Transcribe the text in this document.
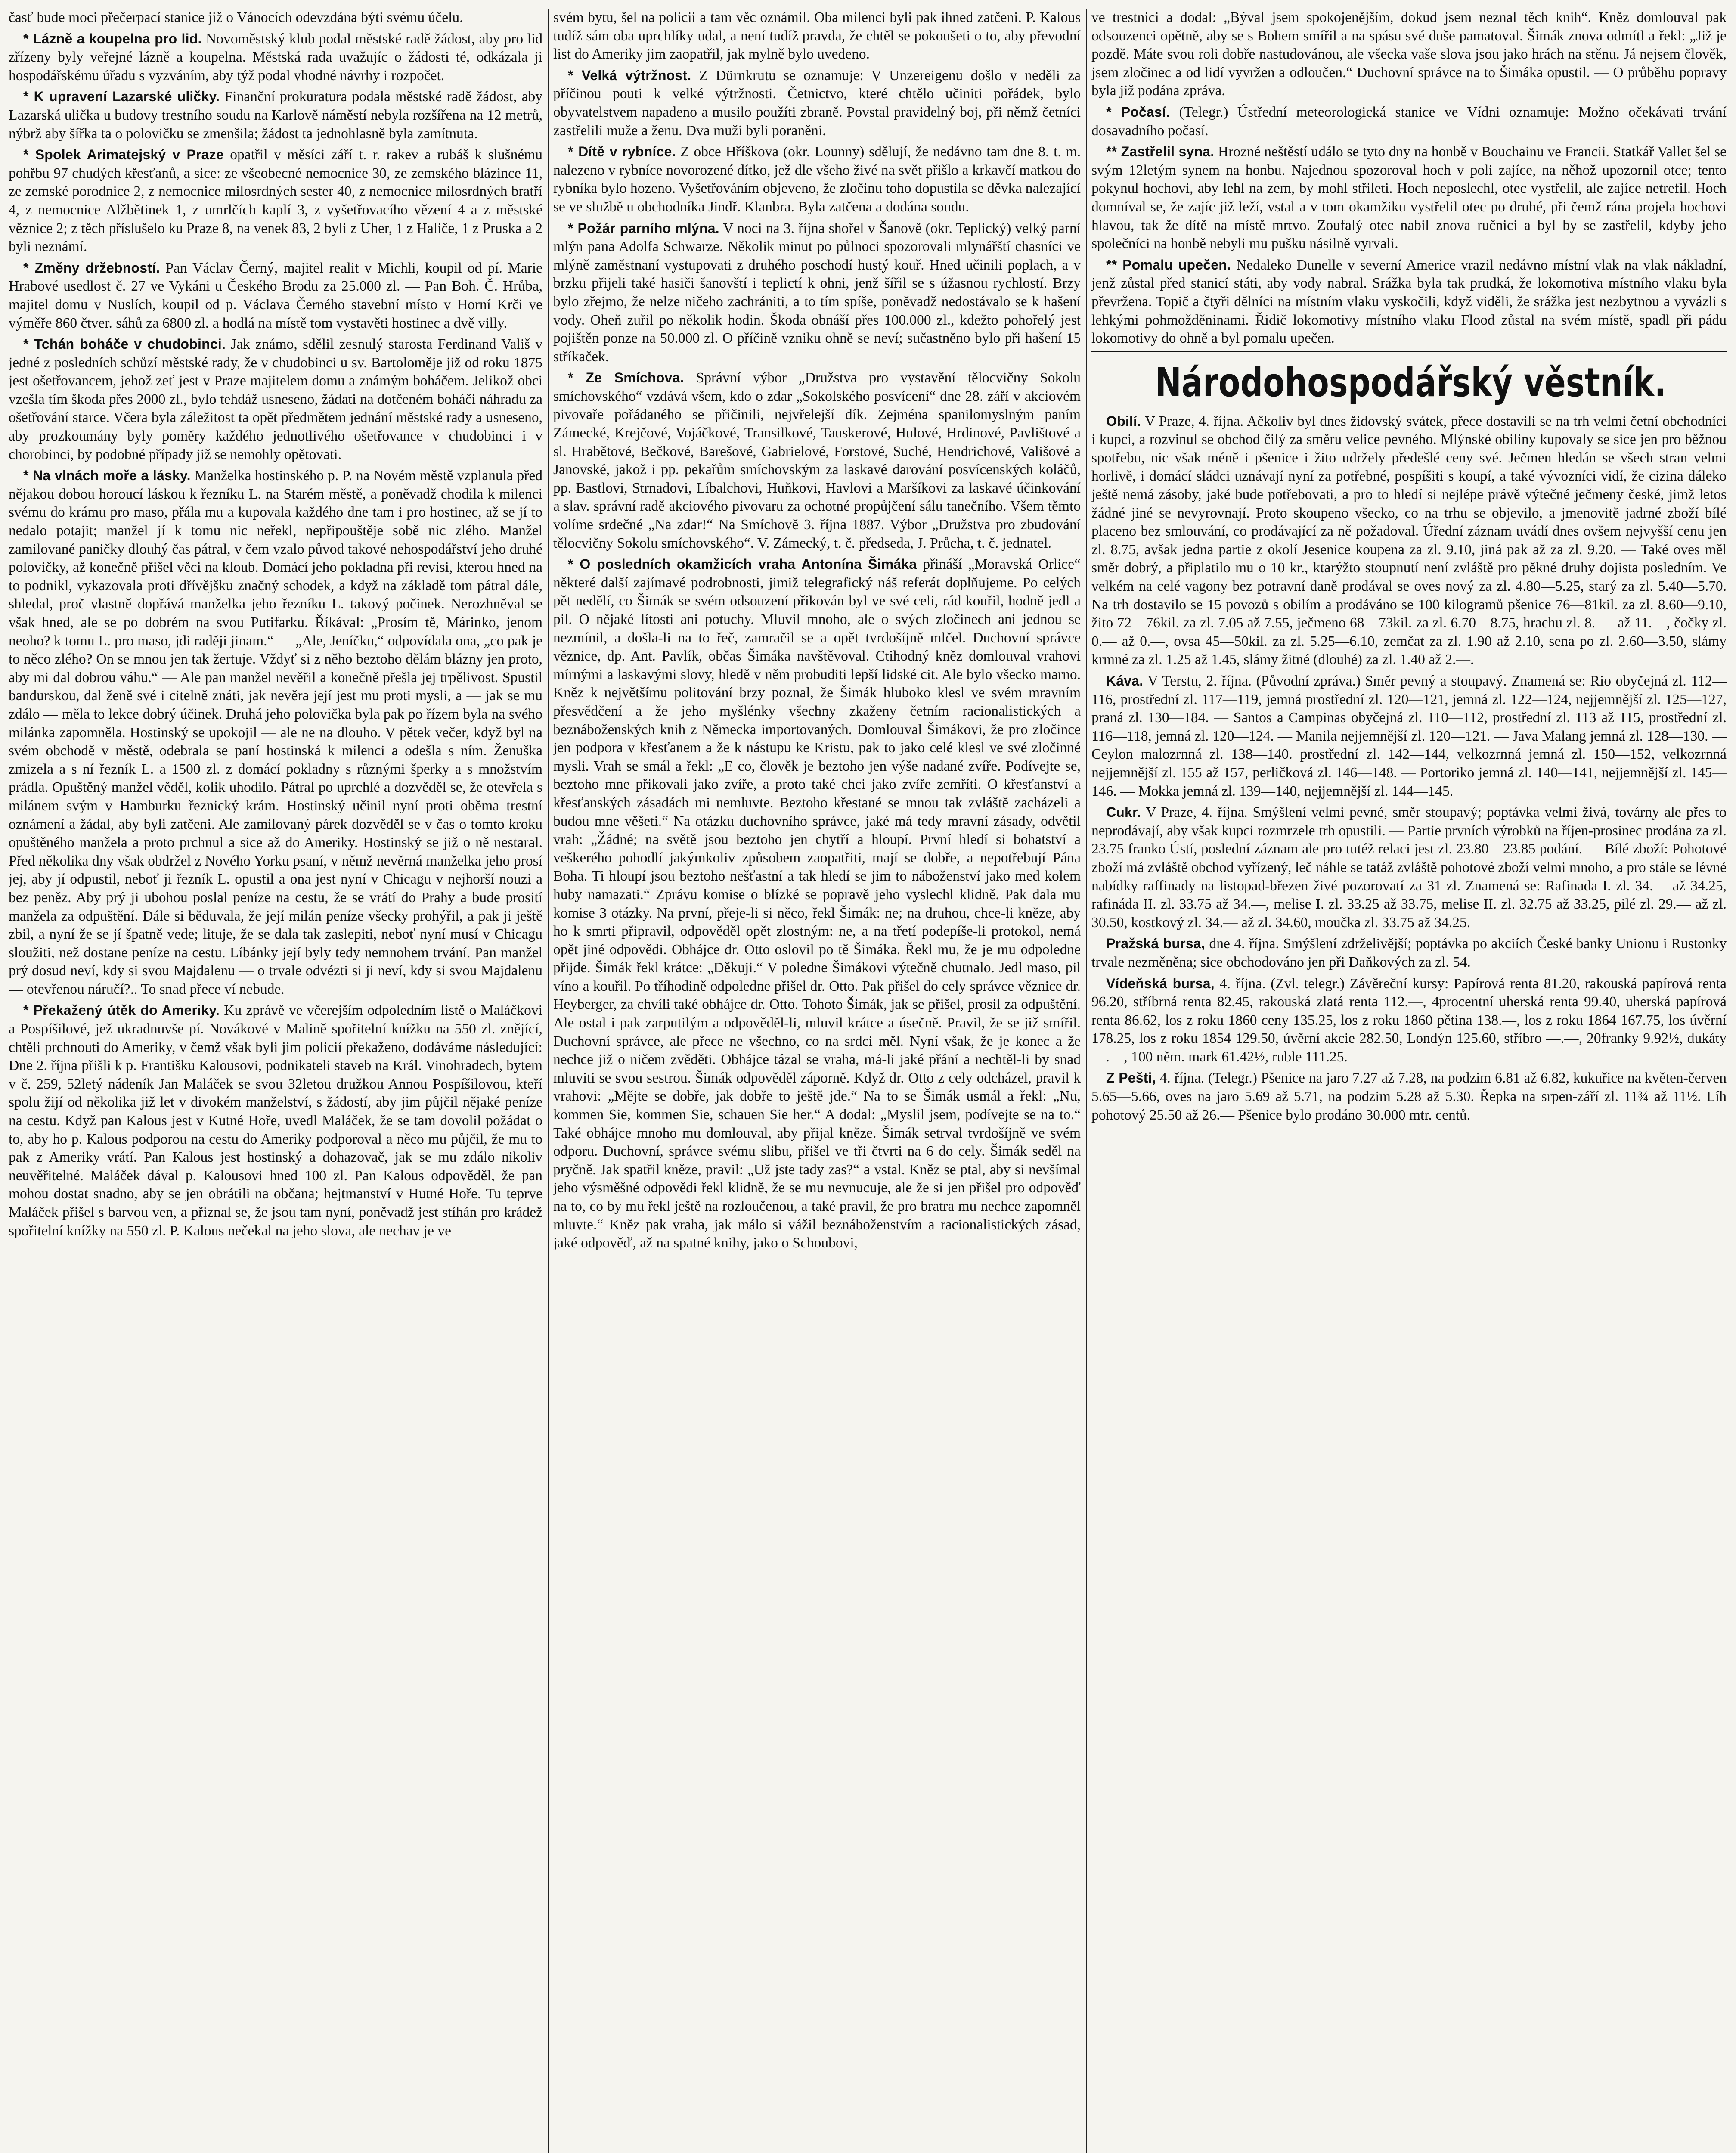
časť bude moci přečerpací stanice již o Vánocích odevzdána býti svému účelu.

* Lázně a koupelna pro lid. Novoměstský klub podal městské radě žádost, aby pro lid zřízeny byly veřejné lázně a koupelna. Městská rada uvažujíc o žádosti té, odkázala ji hospodářskému úřadu s vyzváním, aby týž podal vhodné návrhy i rozpočet.

* K upravení Lazarské uličky. Finanční prokuratura podala městské radě žádost, aby Lazarská ulička u budovy trestního soudu na Karlově náměstí nebyla rozšířena na 12 metrů, nýbrž aby šířka ta o polovičku se zmenšila; žádost ta jednohlasně byla zamítnuta.

* Spolek Arimatejský v Praze opatřil v měsíci září t. r. rakev a rubáš k slušnému pohřbu 97 chudých křesťanů, a sice: ze všeobecné nemocnice 30, ze zemského blázince 11, ze zemské porodnice 2, z nemocnice milosrdných sester 40, z nemocnice milosrdných bratří 4, z nemocnice Alžbětinek 1, z umrlčích kaplí 3, z vyšetřovacího vězení 4 a z městské věznice 2; z těch příslušelo ku Praze 8, na venek 83, 2 byli z Uher, 1 z Haliče, 1 z Pruska a 2 byli neznámí.

* Změny držebností. Pan Václav Černý, majitel realit v Michli, koupil od pí. Marie Hrabové usedlost č. 27 ve Vykáni u Českého Brodu za 25.000 zl. — Pan Boh. Č. Hrůba, majitel domu v Nuslích, koupil od p. Václava Černého stavební místo v Horní Krči ve výměře 860 čtver. sáhů za 6800 zl. a hodlá na místě tom vystavěti hostinec a dvě villy.

* Tchán boháče v chudobinci. Jak známo, sdělil zesnulý starosta Ferdinand Vališ v jedné z posledních schůzí městské rady, že v chudobinci u sv. Bartoloměje již od roku 1875 jest ošetřovancem, jehož zeť jest v Praze majitelem domu a známým boháčem. Jelikož obci vzešla tím škoda přes 2000 zl., bylo tehdáž usneseno, žádati na dotčeném boháči náhradu za ošetřování starce. Včera byla záležitost ta opět předmětem jednání městské rady a usneseno, aby prozkoumány byly poměry každého jednotlivého ošetřovance v chudobinci i v chorobinci, by podobné případy již se nemohly opětovati.

* Na vlnách moře a lásky. Manželka hostinského p. P. na Novém městě vzplanula před nějakou dobou horoucí láskou k řezníku L. na Starém městě, a poněvadž chodila k milenci svému do krámu pro maso, přála mu a kupovala každého dne tam i pro hostinec, až se jí to nedalo potajit; manžel jí k tomu nic neřekl, nepřipouštěje sobě nic zlého. Manžel zamilované paničky dlouhý čas pátral, v čem vzalo původ takové nehospodářství jeho druhé polovičky, až konečně přišel věci na kloub. Domácí jeho pokladna při revisi, kterou hned na to podnikl, vykazovala proti dřívějšku značný schodek, a když na základě tom pátral dále, shledal, proč vlastně dopřává manželka jeho řezníku L. takový počinek. Nerozhněval se však hned, ale se po dobrém na svou Putifarku. Říkával: „Prosím tě, Márinko, jenom neoho? k tomu L. pro maso, jdi raději jinam.“ — „Ale, Jeníčku,“ odpovídala ona, „co pak je to něco zlého? On se mnou jen tak žertuje. Vždyť si z něho beztoho dělám blázny jen proto, aby mi dal dobrou váhu.“ — Ale pan manžel nevěřil a konečně přešla jej trpělivost. Spustil bandurskou, dal ženě své i citelně znáti, jak nevěra její jest mu proti mysli, a — jak se mu zdálo — měla to lekce dobrý účinek. Druhá jeho polovička byla pak po řízem byla na svého milánka zapomněla. Hostinský se upokojil — ale ne na dlouho. V pětek večer, když byl na svém obchodě v městě, odebrala se paní hostinská k milenci a odešla s ním. Ženuška zmizela a s ní řezník L. a 1500 zl. z domácí pokladny s různými šperky a s množstvím prádla. Opuštěný manžel věděl, kolik uhodilo. Pátral po uprchlé a dozvěděl se, že otevřela s milánem svým v Hamburku řeznický krám. Hostinský učinil nyní proti oběma trestní oznámení a žádal, aby byli zatčeni. Ale zamilovaný párek dozvěděl se v čas o tomto kroku opuštěného manžela a proto prchnul a sice až do Ameriky. Hostinský se již o ně nestaral. Před několika dny však obdržel z Nového Yorku psaní, v němž nevěrná manželka jeho prosí jej, aby jí odpustil, neboť ji řezník L. opustil a ona jest nyní v Chicagu v nejhorší nouzi a bez peněz. Aby prý ji ubohou poslal peníze na cestu, že se vrátí do Prahy a bude prosití manžela za odpuštění. Dále si běduvala, že její milán peníze všecky prohýřil, a pak ji ještě zbil, a nyní že se jí špatně vede; lituje, že se dala tak zaslepiti, neboť nyní musí v Chicagu sloužiti, než dostane peníze na cestu. Líbánky její byly tedy nemnohem trvání. Pan manžel prý dosud neví, kdy si svou Majdalenu — o trvale odvézti si ji neví, kdy si svou Majdalenu — otevřenou náručí?.. To snad přece ví nebude.

* Překažený útěk do Ameriky. Ku zprávě ve včerejším odpoledním listě o Maláčkovi a Pospíšilové, jež ukradnuvše pí. Novákové v Malině spořitelní knížku na 550 zl. znějící, chtěli prchnouti do Ameriky, v čemž však byli jim policií překaženo, dodáváme následující: Dne 2. října přišli k p. Františku Kalousovi, podnikateli staveb na Král. Vinohradech, bytem v č. 259, 52letý nádeník Jan Maláček se svou 32letou družkou Annou Pospíšilovou, kteří spolu žijí od několika již let v divokém manželství, s žádostí, aby jim půjčil nějaké peníze na cestu. Když pan Kalous jest v Kutné Hoře, uvedl Maláček, že se tam dovolil požádat o to, aby ho p. Kalous podporou na cestu do Ameriky podporoval a něco mu půjčil, že mu to pak z Ameriky vrátí. Pan Kalous jest hostinský a dohazovač, jak se mu zdálo nikoliv neuvěřitelné. Maláček dával p. Kalousovi hned 100 zl. Pan Kalous odpověděl, že pan mohou dostat snadno, aby se jen obrátili na občana; hejtmanství v Hutné Hoře. Tu teprve Maláček přišel s barvou ven, a přiznal se, že jsou tam nyní, poněvadž jest stíhán pro krádež spořitelní knížky na 550 zl. P. Kalous nečekal na jeho slova, ale nechav je ve

svém bytu, šel na policii a tam věc oznámil. Oba milenci byli pak ihned zatčeni. P. Kalous tudíž sám oba uprchlíky udal, a není tudíž pravda, že chtěl se pokoušeti o to, aby převodní list do Ameriky jim zaopatřil, jak mylně bylo uvedeno.

* Velká výtržnost. Z Dürnkrutu se oznamuje: V Unzereigenu došlo v neděli za příčinou pouti k velké výtržnosti. Četnictvo, které chtělo učiniti pořádek, bylo obyvatelstvem napadeno a musilo použíti zbraně. Povstal pravidelný boj, při němž četníci zastřelili muže a ženu. Dva muži byli poraněni.

* Dítě v rybníce. Z obce Hříškova (okr. Lounny) sdělují, že nedávno tam dne 8. t. m. nalezeno v rybníce novorozené dítko, jež dle všeho živé na svět přišlo a krkavčí matkou do rybníka bylo hozeno. Vyšetřováním objeveno, že zločinu toho dopustila se děvka nalezající se ve službě u obchodníka Jindř. Klanbra. Byla zatčena a dodána soudu.

* Požár parního mlýna. V noci na 3. října shořel v Šanově (okr. Teplický) velký parní mlýn pana Adolfa Schwarze. Několik minut po půlnoci spozorovali mlynářští chasníci ve mlýně zaměstnaní vystupovati z druhého poschodí hustý kouř. Hned učinili poplach, a v brzku přijeli také hasiči šanovští i teplictí k ohni, jenž šířil se s úžasnou rychlostí. Brzy bylo zřejmo, že nelze ničeho zachrániti, a to tím spíše, poněvadž nedostávalo se k hašení vody. Oheň zuřil po několik hodin. Škoda obnáší přes 100.000 zl., kdežto pohořelý jest pojištěn ponze na 50.000 zl. O příčině vzniku ohně se neví; sučastněno bylo při hašení 15 stříkaček.

* Ze Smíchova. Správní výbor „Družstva pro vystavění tělocvičny Sokolu smíchovského“ vzdává všem, kdo o zdar „Sokolského posvícení“ dne 28. září v akciovém pivovaře pořádaného se přičinili, nejvřelejší dík. Zejména spanilomyslným paním Zámecké, Krejčové, Vojáčkové, Transilkové, Tauskerové, Hulové, Hrdinové, Pavlištové a sl. Hrabětové, Bečkové, Barešové, Gabrielové, Forstové, Suché, Hendrichové, Vališové a Janovské, jakož i pp. pekařům smíchovským za laskavé darování posvícenských koláčů, pp. Bastlovi, Strnadovi, Líbalchovi, Huňkovi, Havlovi a Maršíkovi za laskavé účinkování a slav. správní radě akciového pivovaru za ochotné propůjčení sálu tanečního. Všem těmto volíme srdečné „Na zdar!“ Na Smíchově 3. října 1887. Výbor „Družstva pro zbudování tělocvičny Sokolu smíchovského“. V. Zámecký, t. č. předseda, J. Průcha, t. č. jednatel.

* O posledních okamžicích vraha Antonína Šimáka přináší „Moravská Orlice“ některé další zajímavé podrobnosti, jimiž telegrafický náš referát doplňujeme. Po celých pět nedělí, co Šimák se svém odsouzení přikován byl ve své celi, rád kouřil, hodně jedl a pil. O nějaké lítosti ani potuchy. Mluvil mnoho, ale o svých zločinech ani jednou se nezmínil, a došla-li na to řeč, zamračil se a opět tvrdošíjně mlčel. Duchovní správce věznice, dp. Ant. Pavlík, občas Šimáka navštěvoval. Ctihodný kněz domlouval vrahovi mírnými a laskavými slovy, hledě v něm probuditi lepší lidské cit. Ale bylo všecko marno. Kněz k největšímu politování brzy poznal, že Šimák hluboko klesl ve svém mravním přesvědčení a že jeho myšlénky všechny zkaženy četním racionalistických a beznáboženských knih z Německa importovaných. Domlouval Šimákovi, že pro zločince jen podpora v křesťanem a že k nástupu ke Kristu, pak to jako celé klesl ve své zločinné mysli. Vrah se smál a řekl: „E co, člověk je beztoho jen výše nadané zvíře. Podívejte se, beztoho mne přikovali jako zvíře, a proto také chci jako zvíře zemříti. O křesťanství a křesťanských zásadách mi nemluvte. Beztoho křestané se mnou tak zvláště zacházeli a budou mne věšeti.“ Na otázku duchovního správce, jaké má tedy mravní zásady, odvětil vrah: „Žádné; na světě jsou beztoho jen chytří a hloupí. První hledí si bohatství a veškerého pohodlí jakýmkoliv způsobem zaopatřiti, mají se dobře, a nepotřebují Pána Boha. Ti hloupí jsou beztoho nešťastní a tak hledí se jim to náboženství jako med kolem huby namazati.“ Zprávu komise o blízké se popravě jeho vyslechl klidně. Pak dala mu komise 3 otázky. Na první, přeje-li si něco, řekl Šimák: ne; na druhou, chce-li kněze, aby ho k smrti připravil, odpověděl opět zlostným: ne, a na třetí podepíše-li protokol, nemá opět jiné odpovědi. Obhájce dr. Otto oslovil po tě Šimáka. Řekl mu, že je mu odpoledne přijde. Šimák řekl krátce: „Děkuji.“ V poledne Šimákovi výtečně chutnalo. Jedl maso, pil víno a kouřil. Po tříhodině odpoledne přišel dr. Otto. Pak přišel do cely správce věznice dr. Heyberger, za chvíli také obhájce dr. Otto. Tohoto Šimák, jak se přišel, prosil za odpuštění. Ale ostal i pak zarputilým a odpověděl-li, mluvil krátce a úsečně. Pravil, že se již smířil. Duchovní správce, ale přece ne všechno, co na srdci měl. Nyní však, že je konec a že nechce již o ničem zvěděti. Obhájce tázal se vraha, má-li jaké přání a nechtěl-li by snad mluviti se svou sestrou. Šimák odpověděl záporně. Když dr. Otto z cely odcházel, pravil k vrahovi: „Mějte se dobře, jak dobře to ještě jde.“ Na to se Šimák usmál a řekl: „Nu, kommen Sie, kommen Sie, schauen Sie her.“ A dodal: „Myslil jsem, podívejte se na to.“ Také obhájce mnoho mu domlouval, aby přijal kněze. Šimák setrval tvrdošíjně ve svém odporu. Duchovní, správce svému slibu, přišel ve tři čtvrti na 6 do cely. Šimák seděl na pryčně. Jak spatřil kněze, pravil: „Už jste tady zas?“ a vstal. Kněz se ptal, aby si nevšímal jeho výsměšné odpovědi řekl klidně, že se mu nevnucuje, ale že si jen přišel pro odpověď na to, co by mu řekl ještě na rozloučenou, a také pravil, že pro bratra mu nechce zapomněl mluvte.“ Kněz pak vraha, jak málo si vážil beznáboženstvím a racionalistických zásad, jaké odpověď, až na spatné knihy, jako o Schoubovi,

ve trestnici a dodal: „Býval jsem spokojenějším, dokud jsem neznal těch knih“. Kněz domlouval pak odsouzenci opětně, aby se s Bohem smířil a na spásu své duše pamatoval. Šimák znova odmítl a řekl: „Již je pozdě. Máte svou roli dobře nastudovánou, ale všecka vaše slova jsou jako hrách na stěnu. Já nejsem člověk, jsem zločinec a od lidí vyvržen a odloučen.“ Duchovní správce na to Šimáka opustil. — O průběhu popravy byla již podána zpráva.

* Počasí. (Telegr.) Ústřední meteorologická stanice ve Vídni oznamuje: Možno očekávati trvání dosavadního počasí.

** Zastřelil syna. Hrozné neštěstí událo se tyto dny na honbě v Bouchainu ve Francii. Statkář Vallet šel se svým 12letým synem na honbu. Najednou spozoroval hoch v poli zajíce, na něhož upozornil otce; tento pokynul hochovi, aby lehl na zem, by mohl střileti. Hoch neposlechl, otec vystřelil, ale zajíce netrefil. Hoch domníval se, že zajíc již leží, vstal a v tom okamžiku vystřelil otec po druhé, při čemž rána projela hochovi hlavou, tak že dítě na místě mrtvo. Zoufalý otec nabil znova ručnici a byl by se zastřelil, kdyby jeho společníci na honbě nebyli mu pušku násilně vyrvali.

** Pomalu upečen. Nedaleko Dunelle v severní Americe vrazil nedávno místní vlak na vlak nákladní, jenž zůstal před stanicí státi, aby vody nabral. Srážka byla tak prudká, že lokomotiva místního vlaku byla převržena. Topič a čtyři dělníci na místním vlaku vyskočili, když viděli, že srážka jest nezbytnou a vyvázli s lehkými pohmožděninami. Řidič lokomotivy místního vlaku Flood zůstal na svém místě, spadl při pádu lokomotivy do ohně a byl pomalu upečen.

Národohospodářský věstník.

Obilí. V Praze, 4. října. Ačkoliv byl dnes židovský svátek, přece dostavili se na trh velmi četní obchodníci i kupci, a rozvinul se obchod čilý za směru velice pevného. Mlýnské obiliny kupovaly se sice jen pro běžnou spotřebu, nic však méně i pšenice i žito udržely předešlé ceny své. Ječmen hledán se všech stran velmi horlivě, i domácí sládci uznávají nyní za potřebné, pospíšiti s koupí, a také vývozníci vidí, že cizina dáleko ještě nemá zásoby, jaké bude potřebovati, a pro to hledí si nejlépe právě výtečné ječmeny české, jimž letos žádné jiné se nevyrovnají. Proto skoupeno všecko, co na trhu se objevilo, a jmenovitě jadrné zboží bílé placeno bez smlouvání, co prodávající za ně požadoval. Úřední záznam uvádí dnes ovšem nejvyšší cenu jen zl. 8.75, avšak jedna partie z okolí Jesenice koupena za zl. 9.10, jiná pak až za zl. 9.20. — Také oves měl směr dobrý, a připlatilo mu o 10 kr., ktarýžto stoupnutí není zvláště pro pěkné druhy dojista posledním. Ve velkém na celé vagony bez potravní daně prodával se oves nový za zl. 4.80—5.25, starý za zl. 5.40—5.70. Na trh dostavilo se 15 povozů s obilím a prodáváno se 100 kilogramů pšenice 76—81kil. za zl. 8.60—9.10, žito 72—76kil. za zl. 7.05 až 7.55, ječmeno 68—73kil. za zl. 6.70—8.75, hrachu zl. 8. — až 11.—, čočky zl. 0.— až 0.—, ovsa 45—50kil. za zl. 5.25—6.10, zemčat za zl. 1.90 až 2.10, sena po zl. 2.60—3.50, slámy krmné za zl. 1.25 až 1.45, slámy žitné (dlouhé) za zl. 1.40 až 2.—.

Káva. V Terstu, 2. října. (Původní zpráva.) Směr pevný a stoupavý. Znamená se: Rio obyčejná zl. 112—116, prostřední zl. 117—119, jemná prostřední zl. 120—121, jemná zl. 122—124, nejjemnější zl. 125—127, praná zl. 130—184. — Santos a Campinas obyčejná zl. 110—112, prostřední zl. 113 až 115, prostřední zl. 116—118, jemná zl. 120—124. — Manila nejjemnější zl. 120—121. — Java Malang jemná zl. 128—130. — Ceylon malozrnná zl. 138—140. prostřední zl. 142—144, velkozrnná jemná zl. 150—152, velkozrnná nejjemnější zl. 155 až 157, perličková zl. 146—148. — Portoriko jemná zl. 140—141, nejjemnější zl. 145—146. — Mokka jemná zl. 139—140, nejjemnější zl. 144—145.

Cukr. V Praze, 4. října. Smýšlení velmi pevné, směr stoupavý; poptávka velmi živá, továrny ale přes to neprodávají, aby však kupci rozmrzele trh opustili. — Partie prvních výrobků na říjen-prosinec prodána za zl. 23.75 franko Ústí, poslední záznam ale pro tutéž relaci jest zl. 23.80—23.85 podání. — Bílé zboží: Pohotové zboží má zvláště obchod vyřízený, leč náhle se tatáž zvláště pohotové zboží velmi mnoho, a pro stále se lévné nabídky raffinady na listopad-březen živé pozorovatí za 31 zl. Znamená se: Rafinada I. zl. 34.— až 34.25, rafináda II. zl. 33.75 až 34.—, melise I. zl. 33.25 až 33.75, melise II. zl. 32.75 až 33.25, pilé zl. 29.— až zl. 30.50, kostkový zl. 34.— až zl. 34.60, moučka zl. 33.75 až 34.25.

Pražská bursa, dne 4. října. Smýšlení zdrželivější; poptávka po akciích České banky Unionu i Rustonky trvale nezměněna; sice obchodováno jen při Daňkových za zl. 54.

Vídeňská bursa, 4. října. (Zvl. telegr.) Závěreční kursy: Papírová renta 81.20, rakouská papírová renta 96.20, stříbrná renta 82.45, rakouská zlatá renta 112.—, 4procentní uherská renta 99.40, uherská papírová renta 86.62, los z roku 1860 ceny 135.25, los z roku 1860 pětina 138.—, los z roku 1864 167.75, los úvěrní 178.25, los z roku 1854 129.50, úvěrní akcie 282.50, Londýn 125.60, stříbro —.—, 20franky 9.92½, dukáty —.—, 100 něm. mark 61.42½, ruble 111.25.

Z Pešti, 4. října. (Telegr.) Pšenice na jaro 7.27 až 7.28, na podzim 6.81 až 6.82, kukuřice na květen-červen 5.65—5.66, oves na jaro 5.69 až 5.71, na podzim 5.28 až 5.30. Řepka na srpen-září zl. 11¾ až 11½. Líh pohotový 25.50 až 26.— Pšenice bylo prodáno 30.000 mtr. centů.
